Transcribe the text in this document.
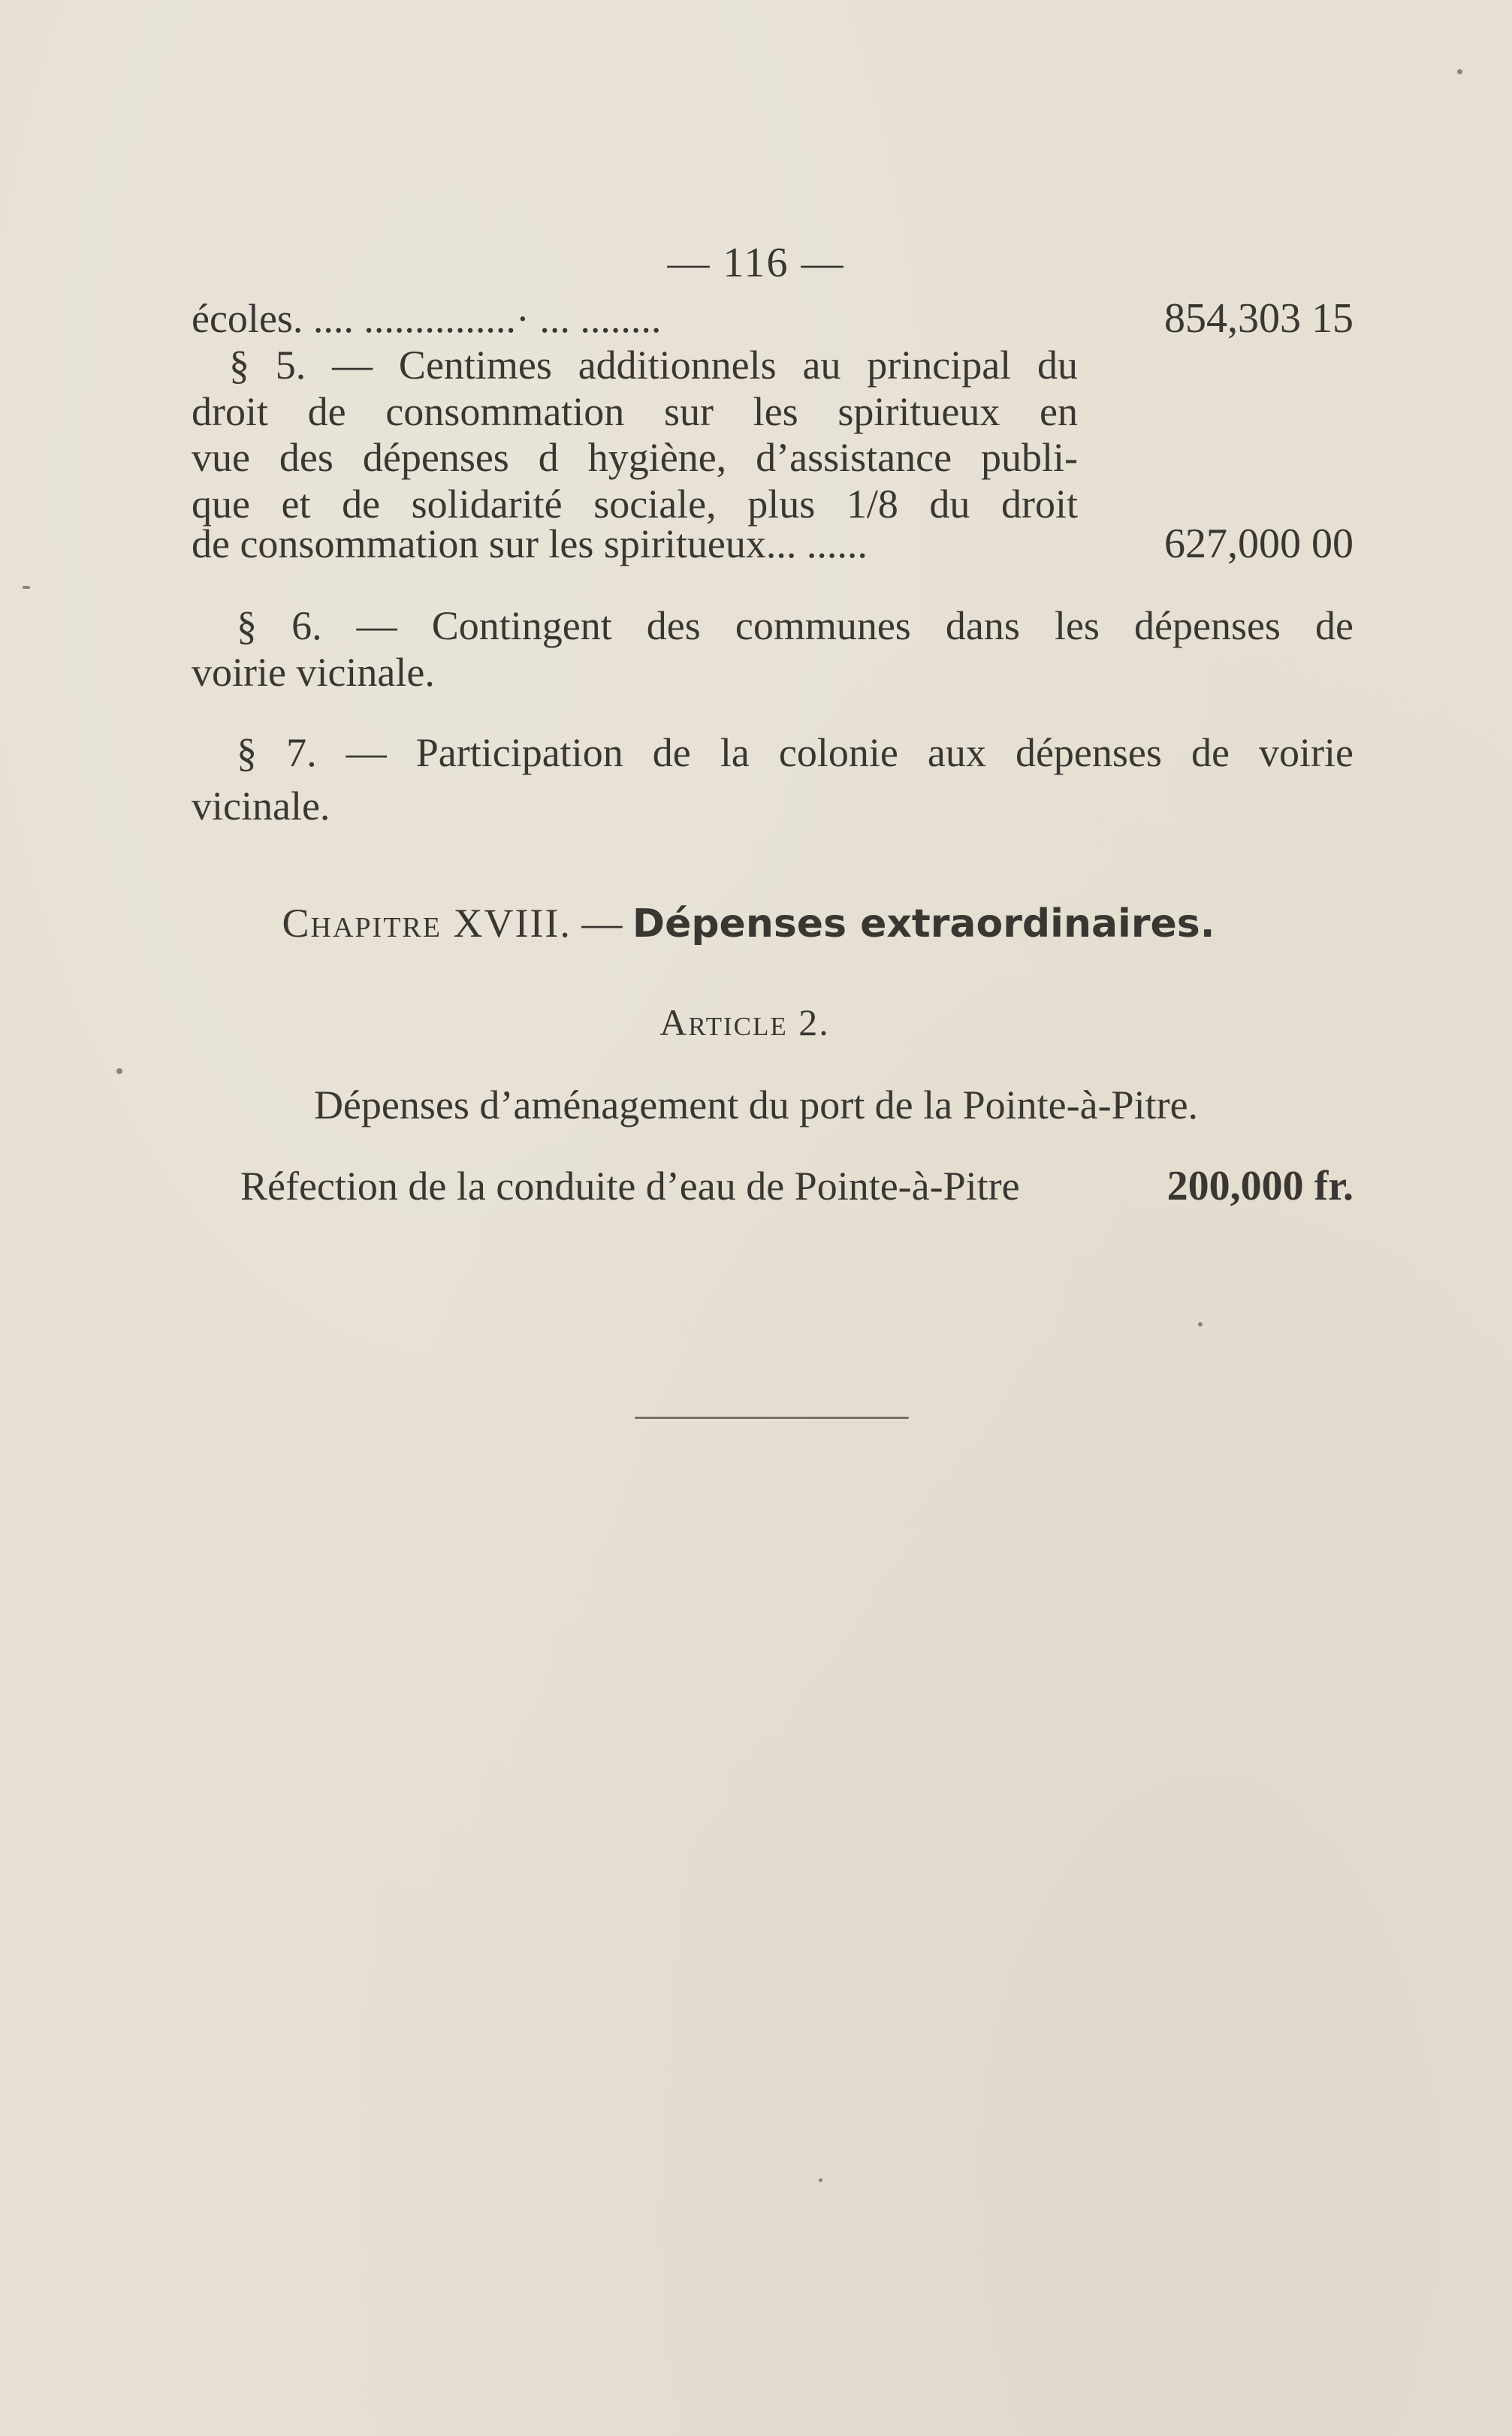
— 116 —
écoles. .... ...............· ... ........	854,303 15
§ 5. — Centimes additionnels au principal du
droit de consommation sur les spiritueux en
vue des dépenses d hygiène, d’assistance publi-
que et de solidarité sociale, plus 1/8 du droit
de consommation sur les spiritueux... ......	627,000 00
§ 6. — Contingent des communes dans les dépenses de
voirie vicinale.
§ 7. — Participation de la colonie aux dépenses de voirie
vicinale.
Chapitre XVIII. — Dépenses extraordinaires.
Article 2.
Dépenses d’aménagement du port de la Pointe-à-Pitre.
Réfection de la conduite d’eau de Pointe-à-Pitre	200,000 fr.
